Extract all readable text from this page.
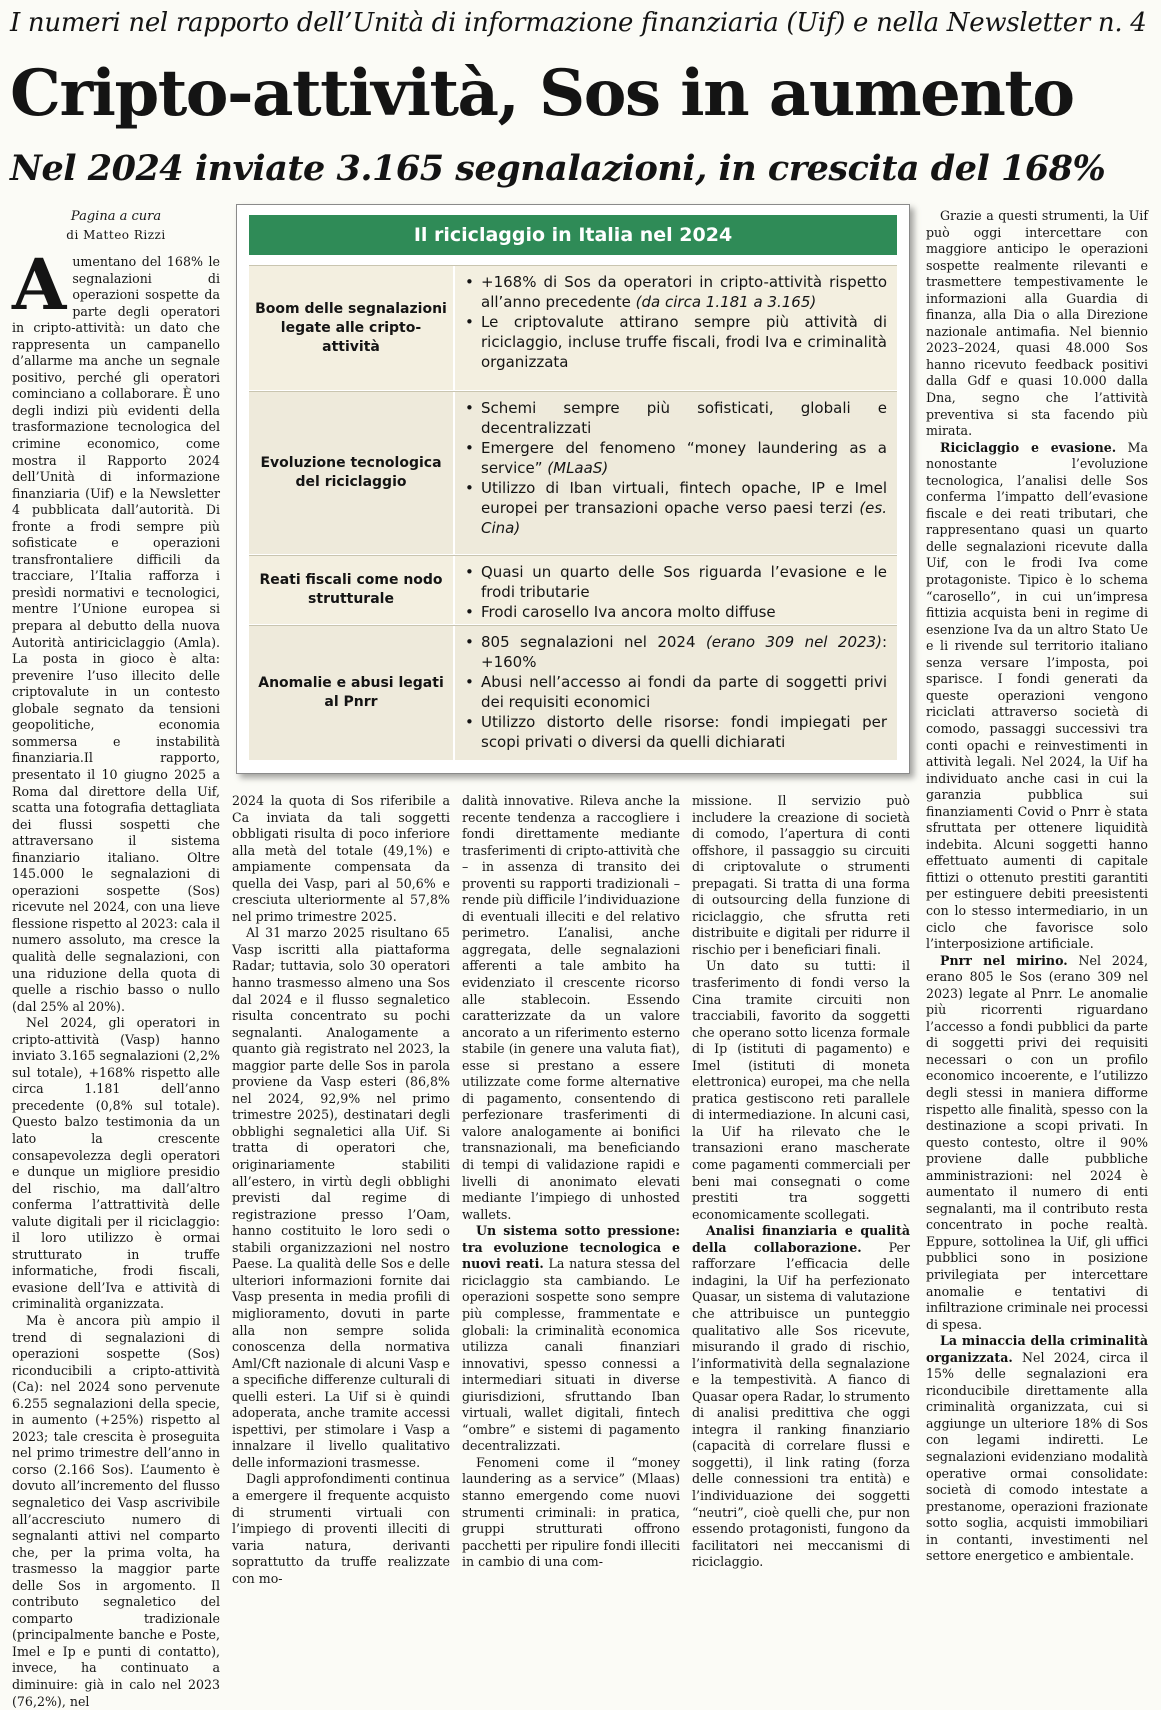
I numeri nel rapporto dell’Unità di informazione finanziaria (Uif) e nella Newsletter n. 4
Cripto-attività, Sos in aumento
Nel 2024 inviate 3.165 segnalazioni, in crescita del 168%
Pagina a cura
di Matteo Rizzi

Aumentano del 168% le segnalazioni di operazioni sospette da parte degli operatori in cripto-attività: un dato che rappresenta un campanello d’allarme ma anche un segnale positivo, perché gli operatori cominciano a collaborare. È uno degli indizi più evidenti della trasformazione tecnologica del crimine economico, come mostra il Rapporto 2024 dell’Unità di informazione finanziaria (Uif) e la Newsletter 4 pubblicata dall’autorità. Di fronte a frodi sempre più sofisticate e operazioni transfrontaliere difficili da tracciare, l’Italia rafforza i presìdi normativi e tecnologici, mentre l’Unione europea si prepara al debutto della nuova Autorità antiriciclaggio (Amla). La posta in gioco è alta: prevenire l’uso illecito delle criptovalute in un contesto globale segnato da tensioni geopolitiche, economia sommersa e instabilità finanziaria.Il rapporto, presentato il 10 giugno 2025 a Roma dal direttore della Uif, scatta una fotografia dettagliata dei flussi sospetti che attraversano il sistema finanziario italiano. Oltre 145.000 le segnalazioni di operazioni sospette (Sos) ricevute nel 2024, con una lieve flessione rispetto al 2023: cala il numero assoluto, ma cresce la qualità delle segnalazioni, con una riduzione della quota di quelle a rischio basso o nullo (dal 25% al 20%).

Nel 2024, gli operatori in cripto-attività (Vasp) hanno inviato 3.165 segnalazioni (2,2% sul totale), +168% rispetto alle circa 1.181 dell’anno precedente (0,8% sul totale). Questo balzo testimonia da un lato la crescente consapevolezza degli operatori e dunque un migliore presidio del rischio, ma dall’altro conferma l’attrattività delle valute digitali per il riciclaggio: il loro utilizzo è ormai strutturato in truffe informatiche, frodi fiscali, evasione dell’Iva e attività di criminalità organizzata.

Ma è ancora più ampio il trend di segnalazioni di operazioni sospette (Sos) riconducibili a cripto-attività (Ca): nel 2024 sono pervenute 6.255 segnalazioni della specie, in aumento (+25%) rispetto al 2023; tale crescita è proseguita nel primo trimestre dell’anno in corso (2.166 Sos). L’aumento è dovuto all’incremento del flusso segnaletico dei Vasp ascrivibile all’accresciuto numero di segnalanti attivi nel comparto che, per la prima volta, ha trasmesso la maggior parte delle Sos in argomento. Il contributo segnaletico del comparto tradizionale (principalmente banche e Poste, Imel e Ip e punti di contatto), invece, ha continuato a diminuire: già in calo nel 2023 (76,2%), nel

Il riciclaggio in Italia nel 2024
Boom delle segnalazioni legate alle cripto-attività
• +168% di Sos da operatori in cripto-attività rispetto all’anno precedente (da circa 1.181 a 3.165)
• Le criptovalute attirano sempre più attività di riciclaggio, incluse truffe fiscali, frodi Iva e criminalità organizzata
Evoluzione tecnologica del riciclaggio
• Schemi sempre più sofisticati, globali e decentralizzati
• Emergere del fenomeno “money laundering as a service” (MLaaS)
• Utilizzo di Iban virtuali, fintech opache, IP e Imel europei per transazioni opache verso paesi terzi (es. Cina)
Reati fiscali come nodo strutturale
• Quasi un quarto delle Sos riguarda l’evasione e le frodi tributarie
• Frodi carosello Iva ancora molto diffuse
Anomalie e abusi legati al Pnrr
• 805 segnalazioni nel 2024 (erano 309 nel 2023): +160%
• Abusi nell’accesso ai fondi da parte di soggetti privi dei requisiti economici
• Utilizzo distorto delle risorse: fondi impiegati per scopi privati o diversi da quelli dichiarati

2024 la quota di Sos riferibile a Ca inviata da tali soggetti obbligati risulta di poco inferiore alla metà del totale (49,1%) e ampiamente compensata da quella dei Vasp, pari al 50,6% e cresciuta ulteriormente al 57,8% nel primo trimestre 2025.

Al 31 marzo 2025 risultano 65 Vasp iscritti alla piattaforma Radar; tuttavia, solo 30 operatori hanno trasmesso almeno una Sos dal 2024 e il flusso segnaletico risulta concentrato su pochi segnalanti. Analogamente a quanto già registrato nel 2023, la maggior parte delle Sos in parola proviene da Vasp esteri (86,8% nel 2024, 92,9% nel primo trimestre 2025), destinatari degli obblighi segnaletici alla Uif. Si tratta di operatori che, originariamente stabiliti all’estero, in virtù degli obblighi previsti dal regime di registrazione presso l’Oam, hanno costituito le loro sedi o stabili organizzazioni nel nostro Paese. La qualità delle Sos e delle ulteriori informazioni fornite dai Vasp presenta in media profili di miglioramento, dovuti in parte alla non sempre solida conoscenza della normativa Aml/Cft nazionale di alcuni Vasp e a specifiche differenze culturali di quelli esteri. La Uif si è quindi adoperata, anche tramite accessi ispettivi, per stimolare i Vasp a innalzare il livello qualitativo delle informazioni trasmesse.

Dagli approfondimenti continua a emergere il frequente acquisto di strumenti virtuali con l’impiego di proventi illeciti di varia natura, derivanti soprattutto da truffe realizzate con mo-

dalità innovative. Rileva anche la recente tendenza a raccogliere i fondi direttamente mediante trasferimenti di cripto-attività che – in assenza di transito dei proventi su rapporti tradizionali – rende più difficile l’individuazione di eventuali illeciti e del relativo perimetro. L’analisi, anche aggregata, delle segnalazioni afferenti a tale ambito ha evidenziato il crescente ricorso alle stablecoin. Essendo caratterizzate da un valore ancorato a un riferimento esterno stabile (in genere una valuta fiat), esse si prestano a essere utilizzate come forme alternative di pagamento, consentendo di perfezionare trasferimenti di valore analogamente ai bonifici transnazionali, ma beneficiando di tempi di validazione rapidi e livelli di anonimato elevati mediante l’impiego di unhosted wallets.

Un sistema sotto pressione: tra evoluzione tecnologica e nuovi reati. La natura stessa del riciclaggio sta cambiando. Le operazioni sospette sono sempre più complesse, frammentate e globali: la criminalità economica utilizza canali finanziari innovativi, spesso connessi a intermediari situati in diverse giurisdizioni, sfruttando Iban virtuali, wallet digitali, fintech “ombre” e sistemi di pagamento decentralizzati.

Fenomeni come il “money laundering as a service” (Mlaas) stanno emergendo come nuovi strumenti criminali: in pratica, gruppi strutturati offrono pacchetti per ripulire fondi illeciti in cambio di una com-

missione. Il servizio può includere la creazione di società di comodo, l’apertura di conti offshore, il passaggio su circuiti di criptovalute o strumenti prepagati. Si tratta di una forma di outsourcing della funzione di riciclaggio, che sfrutta reti distribuite e digitali per ridurre il rischio per i beneficiari finali.

Un dato su tutti: il trasferimento di fondi verso la Cina tramite circuiti non tracciabili, favorito da soggetti che operano sotto licenza formale di Ip (istituti di pagamento) e Imel (istituti di moneta elettronica) europei, ma che nella pratica gestiscono reti parallele di intermediazione. In alcuni casi, la Uif ha rilevato che le transazioni erano mascherate come pagamenti commerciali per beni mai consegnati o come prestiti tra soggetti economicamente scollegati.

Analisi finanziaria e qualità della collaborazione. Per rafforzare l’efficacia delle indagini, la Uif ha perfezionato Quasar, un sistema di valutazione che attribuisce un punteggio qualitativo alle Sos ricevute, misurando il grado di rischio, l’informatività della segnalazione e la tempestività. A fianco di Quasar opera Radar, lo strumento di analisi predittiva che oggi integra il ranking finanziario (capacità di correlare flussi e soggetti), il link rating (forza delle connessioni tra entità) e l’individuazione dei soggetti “neutri”, cioè quelli che, pur non essendo protagonisti, fungono da facilitatori nei meccanismi di riciclaggio.

Grazie a questi strumenti, la Uif può oggi intercettare con maggiore anticipo le operazioni sospette realmente rilevanti e trasmettere tempestivamente le informazioni alla Guardia di finanza, alla Dia o alla Direzione nazionale antimafia. Nel biennio 2023–2024, quasi 48.000 Sos hanno ricevuto feedback positivi dalla Gdf e quasi 10.000 dalla Dna, segno che l’attività preventiva si sta facendo più mirata.

Riciclaggio e evasione. Ma nonostante l’evoluzione tecnologica, l’analisi delle Sos conferma l’impatto dell’evasione fiscale e dei reati tributari, che rappresentano quasi un quarto delle segnalazioni ricevute dalla Uif, con le frodi Iva come protagoniste. Tipico è lo schema “carosello”, in cui un’impresa fittizia acquista beni in regime di esenzione Iva da un altro Stato Ue e li rivende sul territorio italiano senza versare l’imposta, poi sparisce. I fondi generati da queste operazioni vengono riciclati attraverso società di comodo, passaggi successivi tra conti opachi e reinvestimenti in attività legali. Nel 2024, la Uif ha individuato anche casi in cui la garanzia pubblica sui finanziamenti Covid o Pnrr è stata sfruttata per ottenere liquidità indebita. Alcuni soggetti hanno effettuato aumenti di capitale fittizi o ottenuto prestiti garantiti per estinguere debiti preesistenti con lo stesso intermediario, in un ciclo che favorisce solo l’interposizione artificiale.

Pnrr nel mirino. Nel 2024, erano 805 le Sos (erano 309 nel 2023) legate al Pnrr. Le anomalie più ricorrenti riguardano l’accesso a fondi pubblici da parte di soggetti privi dei requisiti necessari o con un profilo economico incoerente, e l’utilizzo degli stessi in maniera difforme rispetto alle finalità, spesso con la destinazione a scopi privati. In questo contesto, oltre il 90% proviene dalle pubbliche amministrazioni: nel 2024 è aumentato il numero di enti segnalanti, ma il contributo resta concentrato in poche realtà. Eppure, sottolinea la Uif, gli uffici pubblici sono in posizione privilegiata per intercettare anomalie e tentativi di infiltrazione criminale nei processi di spesa.

La minaccia della criminalità organizzata. Nel 2024, circa il 15% delle segnalazioni era riconducibile direttamente alla criminalità organizzata, cui si aggiunge un ulteriore 18% di Sos con legami indiretti. Le segnalazioni evidenziano modalità operative ormai consolidate: società di comodo intestate a prestanome, operazioni frazionate sotto soglia, acquisti immobiliari in contanti, investimenti nel settore energetico e ambientale.
